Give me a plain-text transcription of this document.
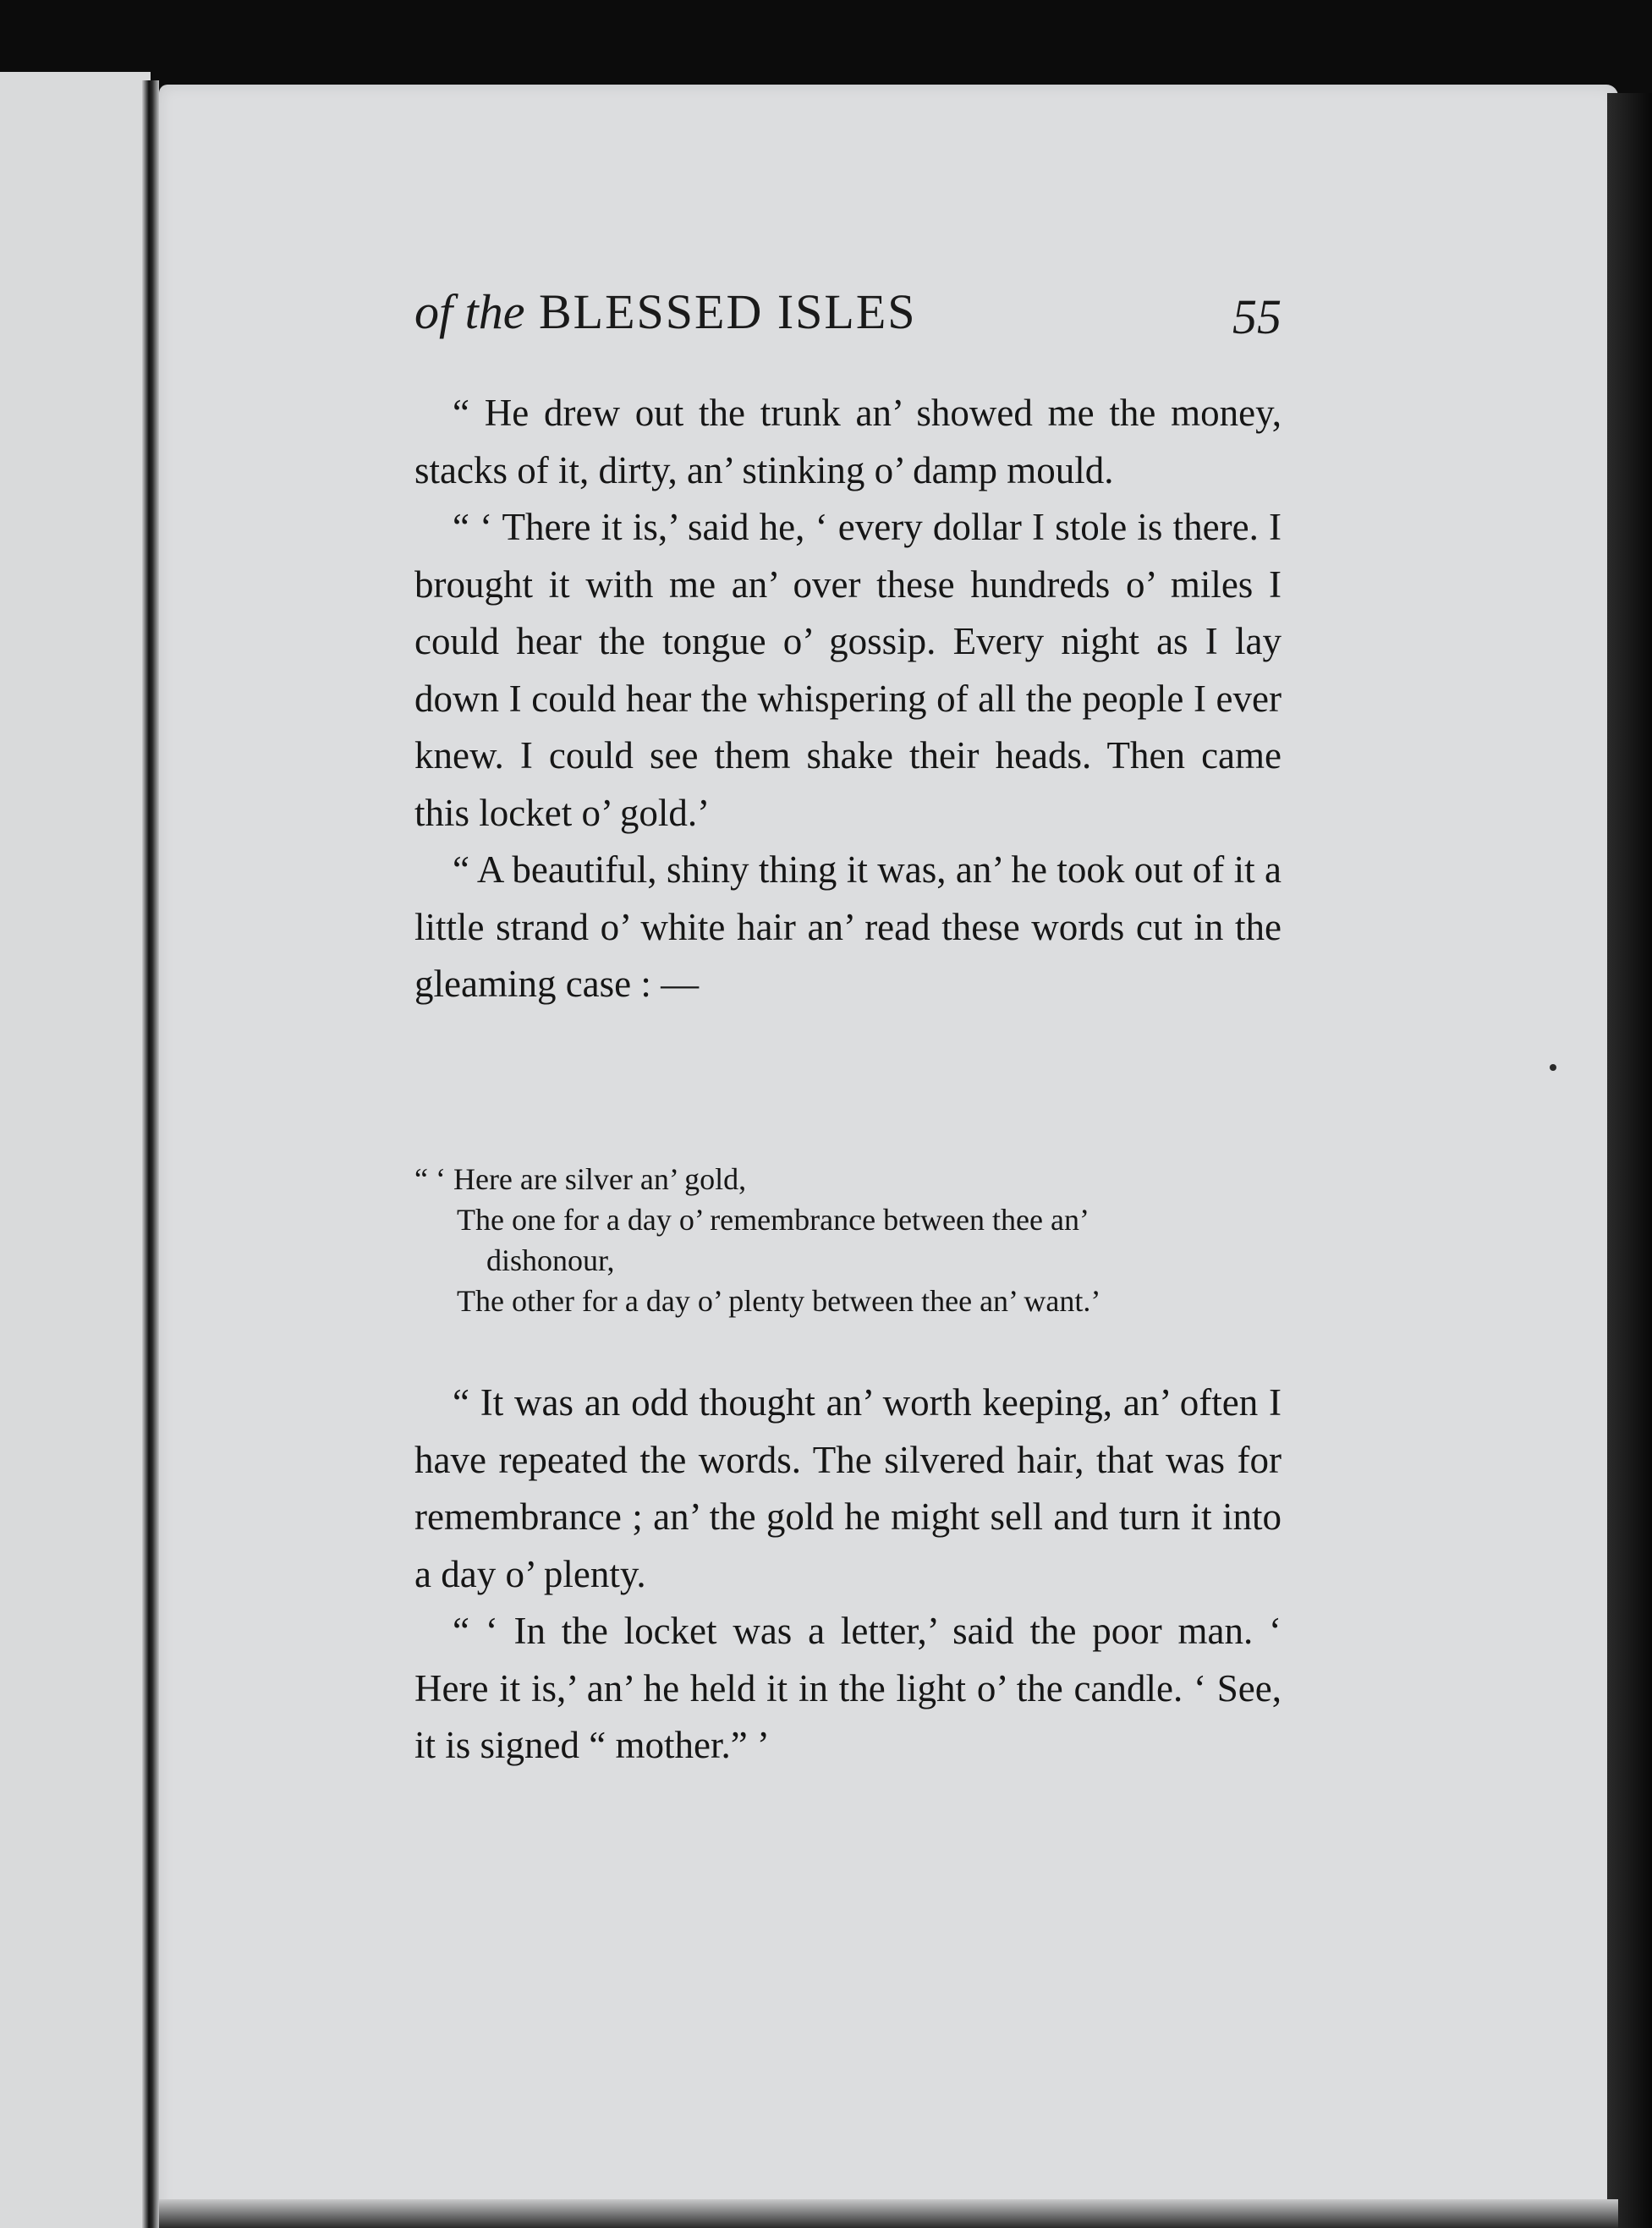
of the BLESSED ISLES	55

“ He drew out the trunk an’ showed me the money, stacks of it, dirty, an’ stinking o’ damp mould.

“ ‘ There it is,’ said he, ‘ every dollar I stole is there. I brought it with me an’ over these hundreds o’ miles I could hear the tongue o’ gossip. Every night as I lay down I could hear the whispering of all the people I ever knew. I could see them shake their heads. Then came this locket o’ gold.’

“ A beautiful, shiny thing it was, an’ he took out of it a little strand o’ white hair an’ read these words cut in the gleaming case : —

“ ‘ Here are silver an’ gold,
The one for a day o’ remembrance between thee an’
dishonour,
The other for a day o’ plenty between thee an’ want.’

“ It was an odd thought an’ worth keeping, an’ often I have repeated the words. The silvered hair, that was for remembrance ; an’ the gold he might sell and turn it into a day o’ plenty.

“ ‘ In the locket was a letter,’ said the poor man. ‘ Here it is,’ an’ he held it in the light o’ the candle. ‘ See, it is signed “ mother.” ’
